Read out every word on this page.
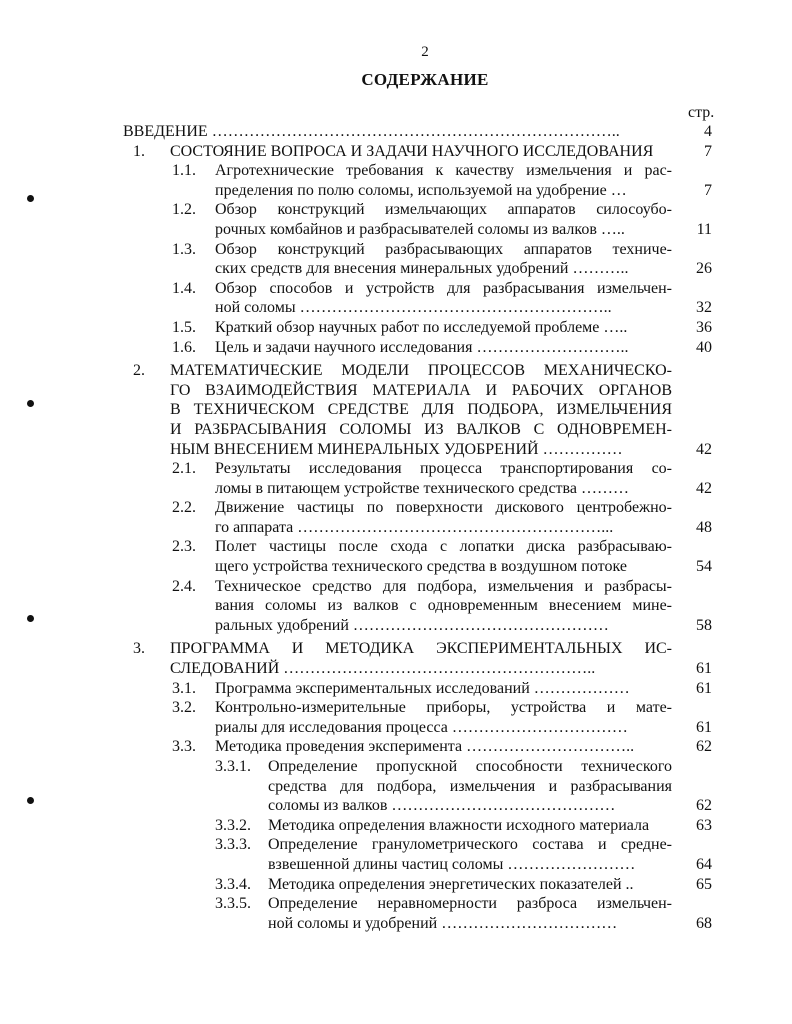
2
СОДЕРЖАНИЕ
стр.
ВВЕДЕНИЕ …………………………………………………………………..	4
1. СОСТОЯНИЕ ВОПРОСА И ЗАДАЧИ НАУЧНОГО ИССЛЕДОВАНИЯ	7
1.1. Агротехнические требования к качеству измельчения и рас-
пределения по полю соломы, используемой на удобрение …	7
1.2. Обзор конструкций измельчающих аппаратов силосоубо-
рочных комбайнов и разбрасывателей соломы из валков …..	11
1.3. Обзор конструкций разбрасывающих аппаратов техниче-
ских средств для внесения минеральных удобрений ………..	26
1.4. Обзор способов и устройств для разбрасывания измельчен-
ной соломы …………………………………………………..	32
1.5. Краткий обзор научных работ по исследуемой проблеме …..	36
1.6. Цель и задачи научного исследования ………………………..	40
2. МАТЕМАТИЧЕСКИЕ МОДЕЛИ ПРОЦЕССОВ МЕХАНИЧЕСКО-
ГО ВЗАИМОДЕЙСТВИЯ МАТЕРИАЛА И РАБОЧИХ ОРГАНОВ
В ТЕХНИЧЕСКОМ СРЕДСТВЕ ДЛЯ ПОДБОРА, ИЗМЕЛЬЧЕНИЯ
И РАЗБРАСЫВАНИЯ СОЛОМЫ ИЗ ВАЛКОВ С ОДНОВРЕМЕН-
НЫМ ВНЕСЕНИЕМ МИНЕРАЛЬНЫХ УДОБРЕНИЙ ……………	42
2.1. Результаты исследования процесса транспортирования со-
ломы в питающем устройстве технического средства ………	42
2.2. Движение частицы по поверхности дискового центробежно-
го аппарата …………………………………………………...	48
2.3. Полет частицы после схода с лопатки диска разбрасываю-
щего устройства технического средства в воздушном потоке	54
2.4. Техническое средство для подбора, измельчения и разбрасы-
вания соломы из валков с одновременным внесением мине-
ральных удобрений …………………………………………	58
3. ПРОГРАММА И МЕТОДИКА ЭКСПЕРИМЕНТАЛЬНЫХ ИС-
СЛЕДОВАНИЙ …………………………………………………..	61
3.1. Программа экспериментальных исследований ………………	61
3.2. Контрольно-измерительные приборы, устройства и мате-
риалы для исследования процесса ……………………………	61
3.3. Методика проведения эксперимента …………………………..	62
3.3.1. Определение пропускной способности технического
средства для подбора, измельчения и разбрасывания
соломы из валков ……………………………………	62
3.3.2. Методика определения влажности исходного материала	63
3.3.3. Определение гранулометрического состава и средне-
взвешенной длины частиц соломы ……………………	64
3.3.4. Методика определения энергетических показателей ..	65
3.3.5. Определение неравномерности разброса измельчен-
ной соломы и удобрений ……………………………	68
